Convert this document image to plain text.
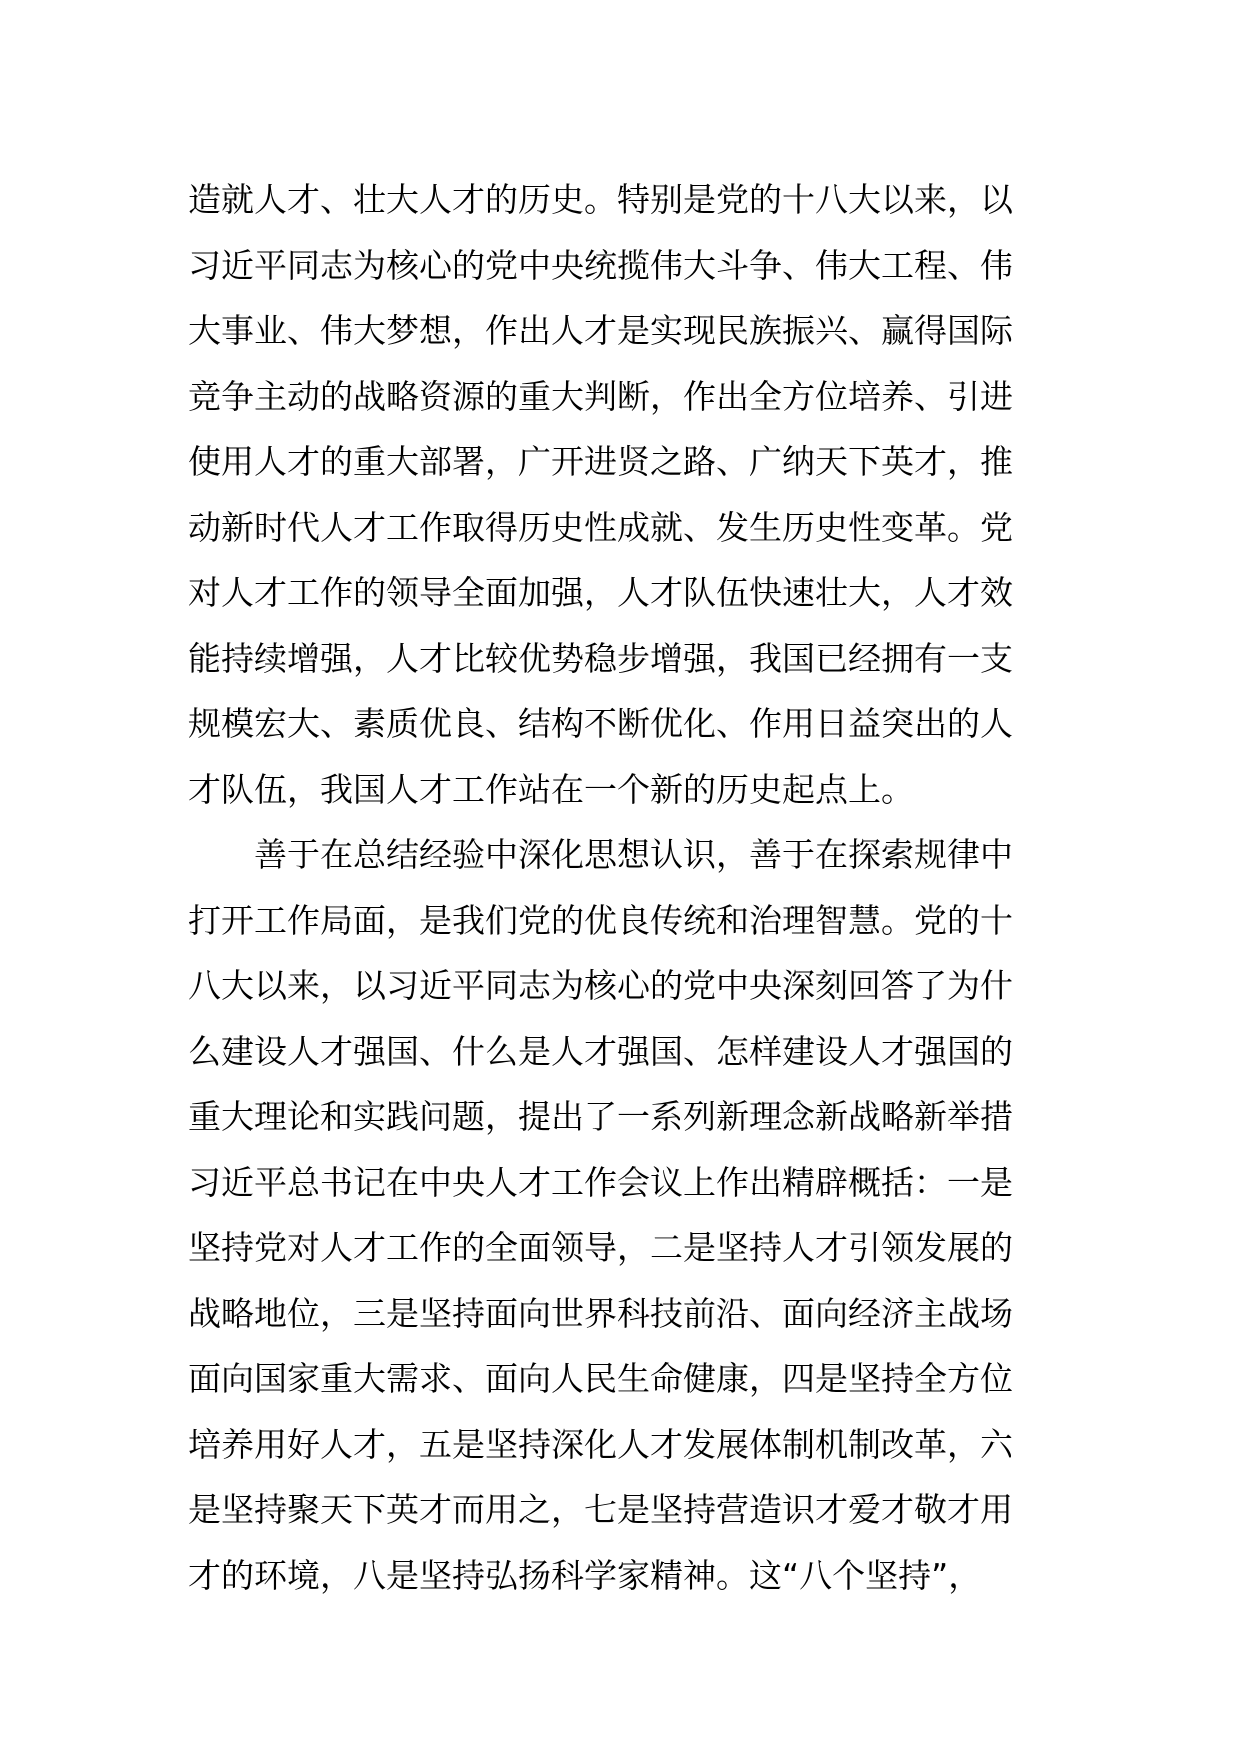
造就人才、壮大人才的历史。特别是党的十八大以来，以
习近平同志为核心的党中央统揽伟大斗争、伟大工程、伟
大事业、伟大梦想，作出人才是实现民族振兴、赢得国际
竞争主动的战略资源的重大判断，作出全方位培养、引进
使用人才的重大部署，广开进贤之路、广纳天下英才，推
动新时代人才工作取得历史性成就、发生历史性变革。党
对人才工作的领导全面加强，人才队伍快速壮大，人才效
能持续增强，人才比较优势稳步增强，我国已经拥有一支
规模宏大、素质优良、结构不断优化、作用日益突出的人
才队伍，我国人才工作站在一个新的历史起点上。
善于在总结经验中深化思想认识，善于在探索规律中
打开工作局面，是我们党的优良传统和治理智慧。党的十
八大以来，以习近平同志为核心的党中央深刻回答了为什
么建设人才强国、什么是人才强国、怎样建设人才强国的
重大理论和实践问题，提出了一系列新理念新战略新举措
习近平总书记在中央人才工作会议上作出精辟概括：一是
坚持党对人才工作的全面领导，二是坚持人才引领发展的
战略地位，三是坚持面向世界科技前沿、面向经济主战场
面向国家重大需求、面向人民生命健康，四是坚持全方位
培养用好人才，五是坚持深化人才发展体制机制改革，六
是坚持聚天下英才而用之，七是坚持营造识才爱才敬才用
才的环境，八是坚持弘扬科学家精神。这“八个坚持”，
